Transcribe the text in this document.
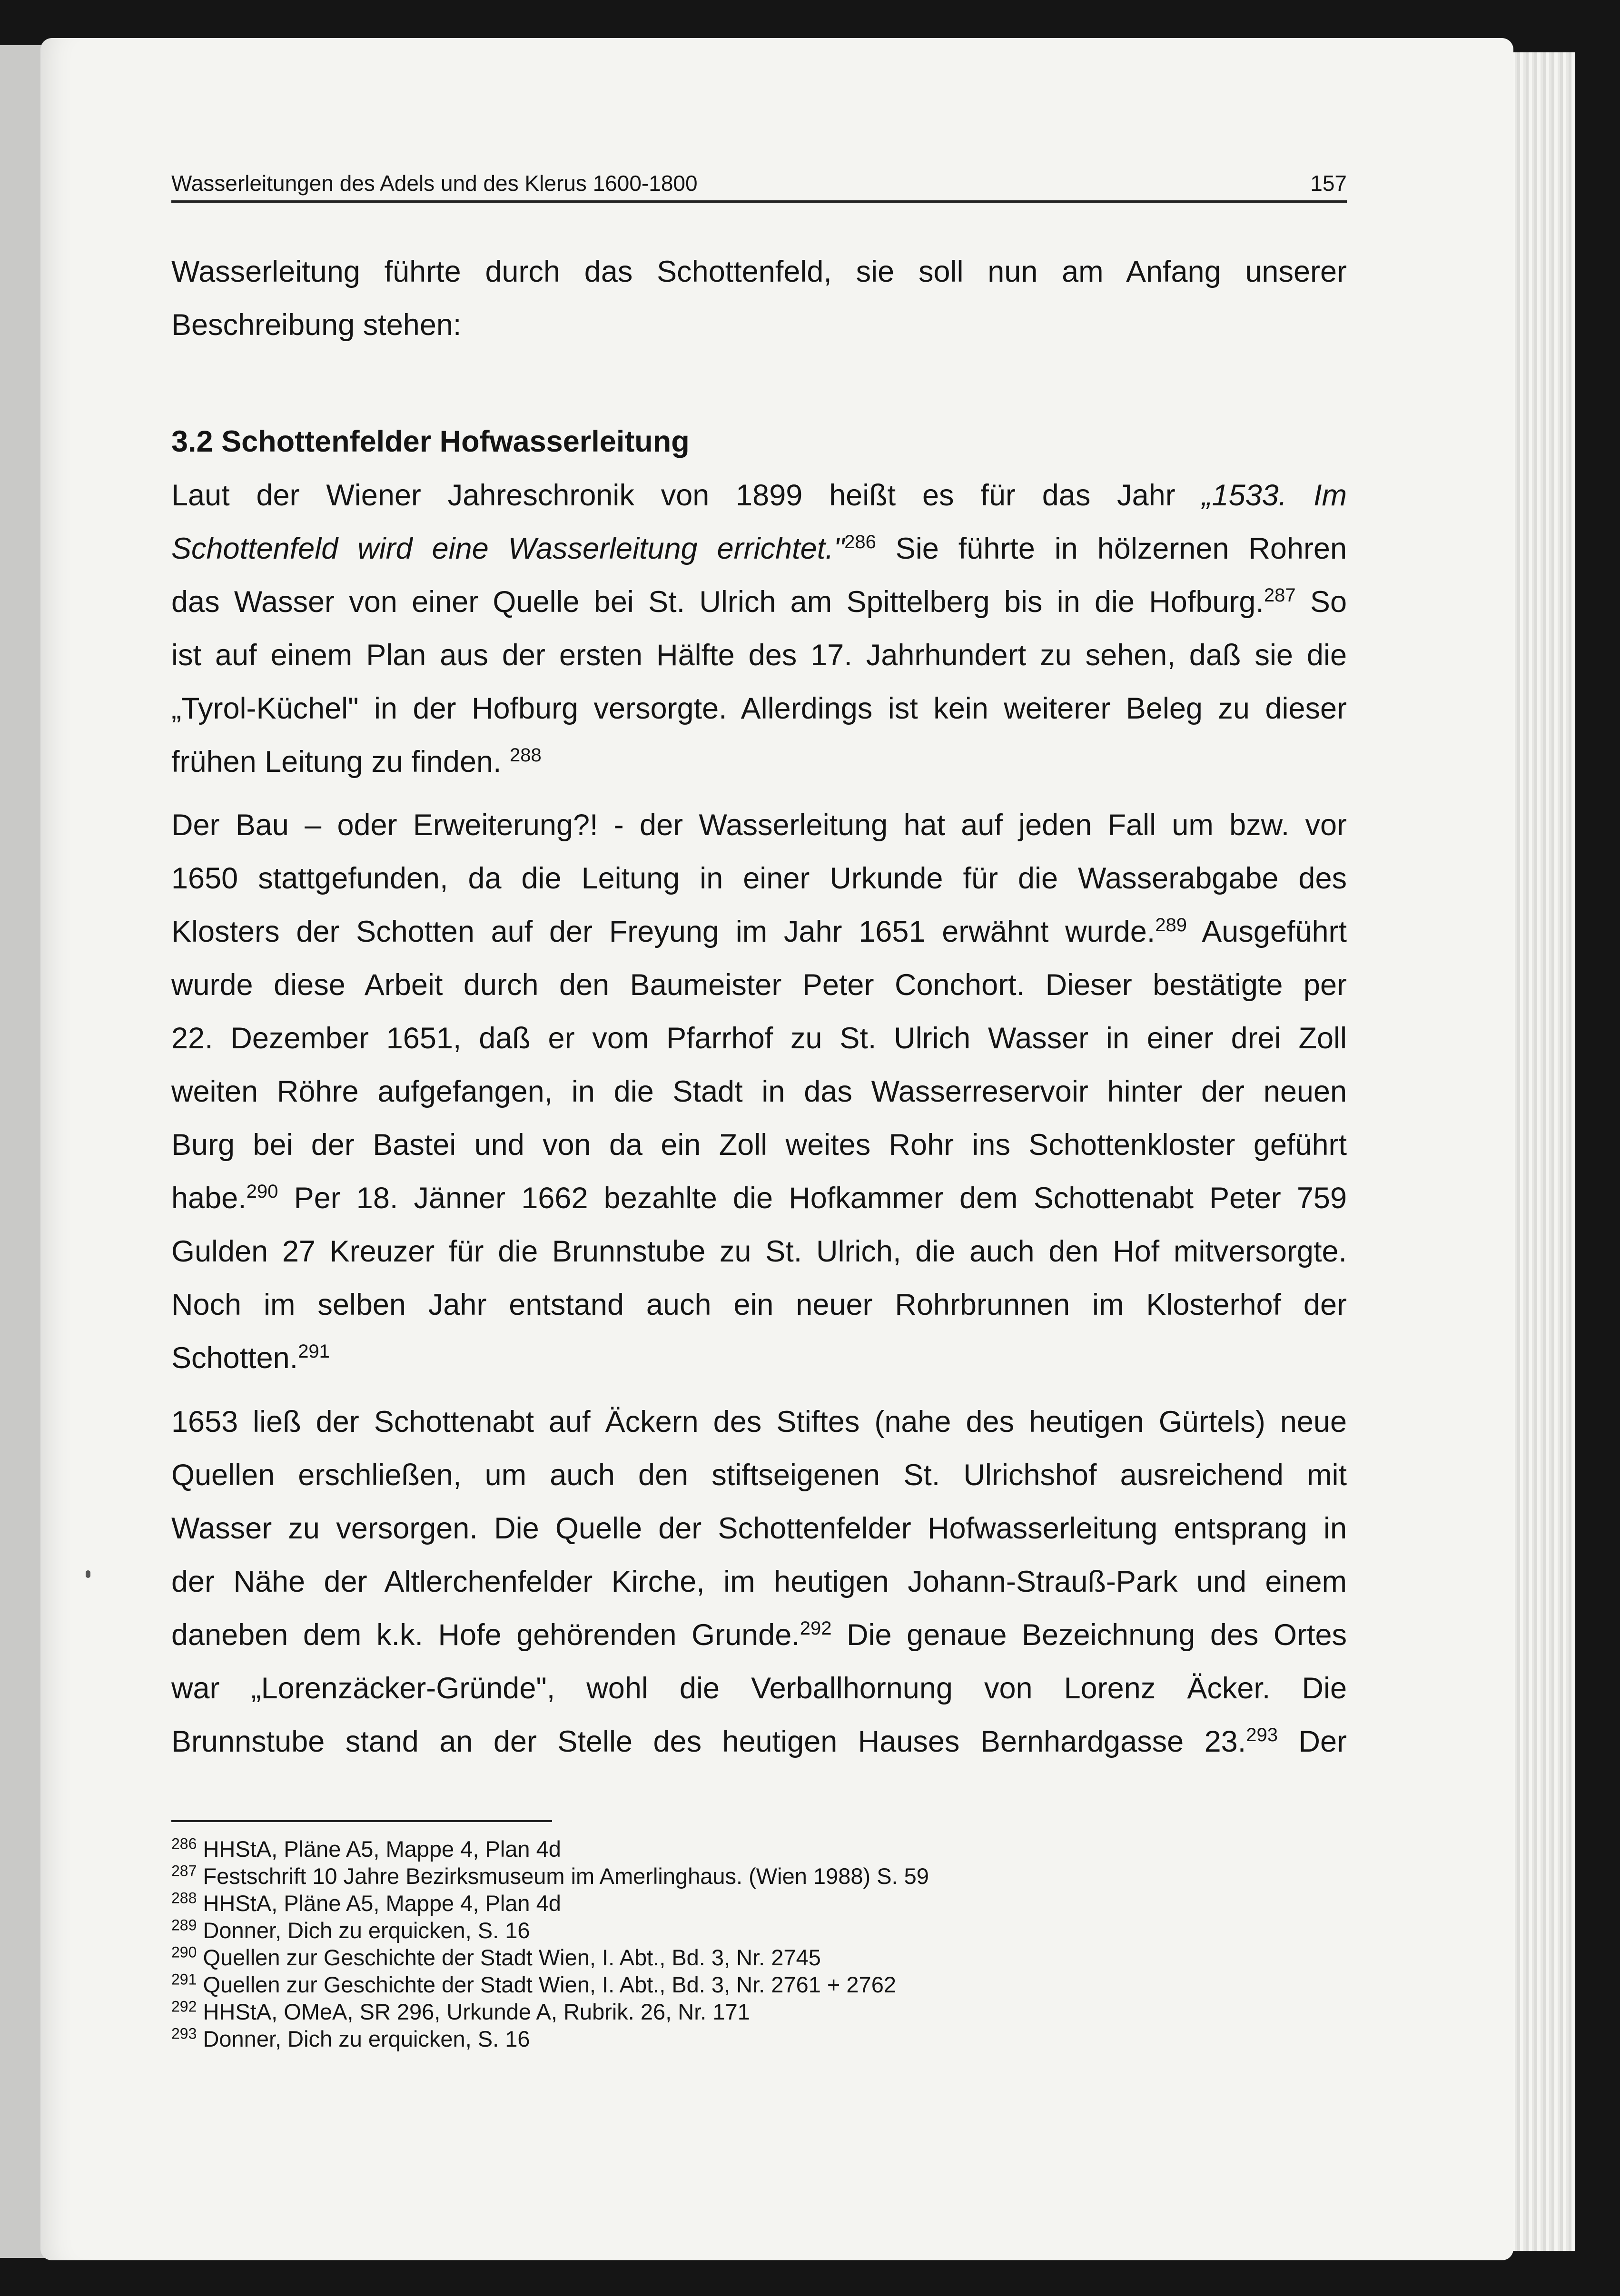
Wasserleitungen des Adels und des Klerus 1600-1800	157
Wasserleitung führte durch das Schottenfeld, sie soll nun am Anfang unserer
Beschreibung stehen:
3.2 Schottenfelder Hofwasserleitung
Laut der Wiener Jahreschronik von 1899 heißt es für das Jahr „1533. Im
Schottenfeld wird eine Wasserleitung errichtet."$^{286}$ Sie führte in hölzernen Rohren
das Wasser von einer Quelle bei St. Ulrich am Spittelberg bis in die Hofburg.$^{287}$ So
ist auf einem Plan aus der ersten Hälfte des 17. Jahrhundert zu sehen, daß sie die
„Tyrol-Küchel" in der Hofburg versorgte. Allerdings ist kein weiterer Beleg zu dieser
frühen Leitung zu finden. $^{288}$
Der Bau – oder Erweiterung?! - der Wasserleitung hat auf jeden Fall um bzw. vor
1650 stattgefunden, da die Leitung in einer Urkunde für die Wasserabgabe des
Klosters der Schotten auf der Freyung im Jahr 1651 erwähnt wurde.$^{289}$ Ausgeführt
wurde diese Arbeit durch den Baumeister Peter Conchort. Dieser bestätigte per
22. Dezember 1651, daß er vom Pfarrhof zu St. Ulrich Wasser in einer drei Zoll
weiten Röhre aufgefangen, in die Stadt in das Wasserreservoir hinter der neuen
Burg bei der Bastei und von da ein Zoll weites Rohr ins Schottenkloster geführt
habe.$^{290}$ Per 18. Jänner 1662 bezahlte die Hofkammer dem Schottenabt Peter 759
Gulden 27 Kreuzer für die Brunnstube zu St. Ulrich, die auch den Hof mitversorgte.
Noch im selben Jahr entstand auch ein neuer Rohrbrunnen im Klosterhof der
Schotten.$^{291}$
1653 ließ der Schottenabt auf Äckern des Stiftes (nahe des heutigen Gürtels) neue
Quellen erschließen, um auch den stiftseigenen St. Ulrichshof ausreichend mit
Wasser zu versorgen. Die Quelle der Schottenfelder Hofwasserleitung entsprang in
der Nähe der Altlerchenfelder Kirche, im heutigen Johann-Strauß-Park und einem
daneben dem k.k. Hofe gehörenden Grunde.$^{292}$ Die genaue Bezeichnung des Ortes
war „Lorenzäcker-Gründe", wohl die Verballhornung von Lorenz Äcker. Die
Brunnstube stand an der Stelle des heutigen Hauses Bernhardgasse 23.$^{293}$ Der
$^{286}$ HHStA, Pläne A5, Mappe 4, Plan 4d
$^{287}$ Festschrift 10 Jahre Bezirksmuseum im Amerlinghaus. (Wien 1988) S. 59
$^{288}$ HHStA, Pläne A5, Mappe 4, Plan 4d
$^{289}$ Donner, Dich zu erquicken, S. 16
$^{290}$ Quellen zur Geschichte der Stadt Wien, I. Abt., Bd. 3, Nr. 2745
$^{291}$ Quellen zur Geschichte der Stadt Wien, I. Abt., Bd. 3, Nr. 2761 + 2762
$^{292}$ HHStA, OMeA, SR 296, Urkunde A, Rubrik. 26, Nr. 171
$^{293}$ Donner, Dich zu erquicken, S. 16
